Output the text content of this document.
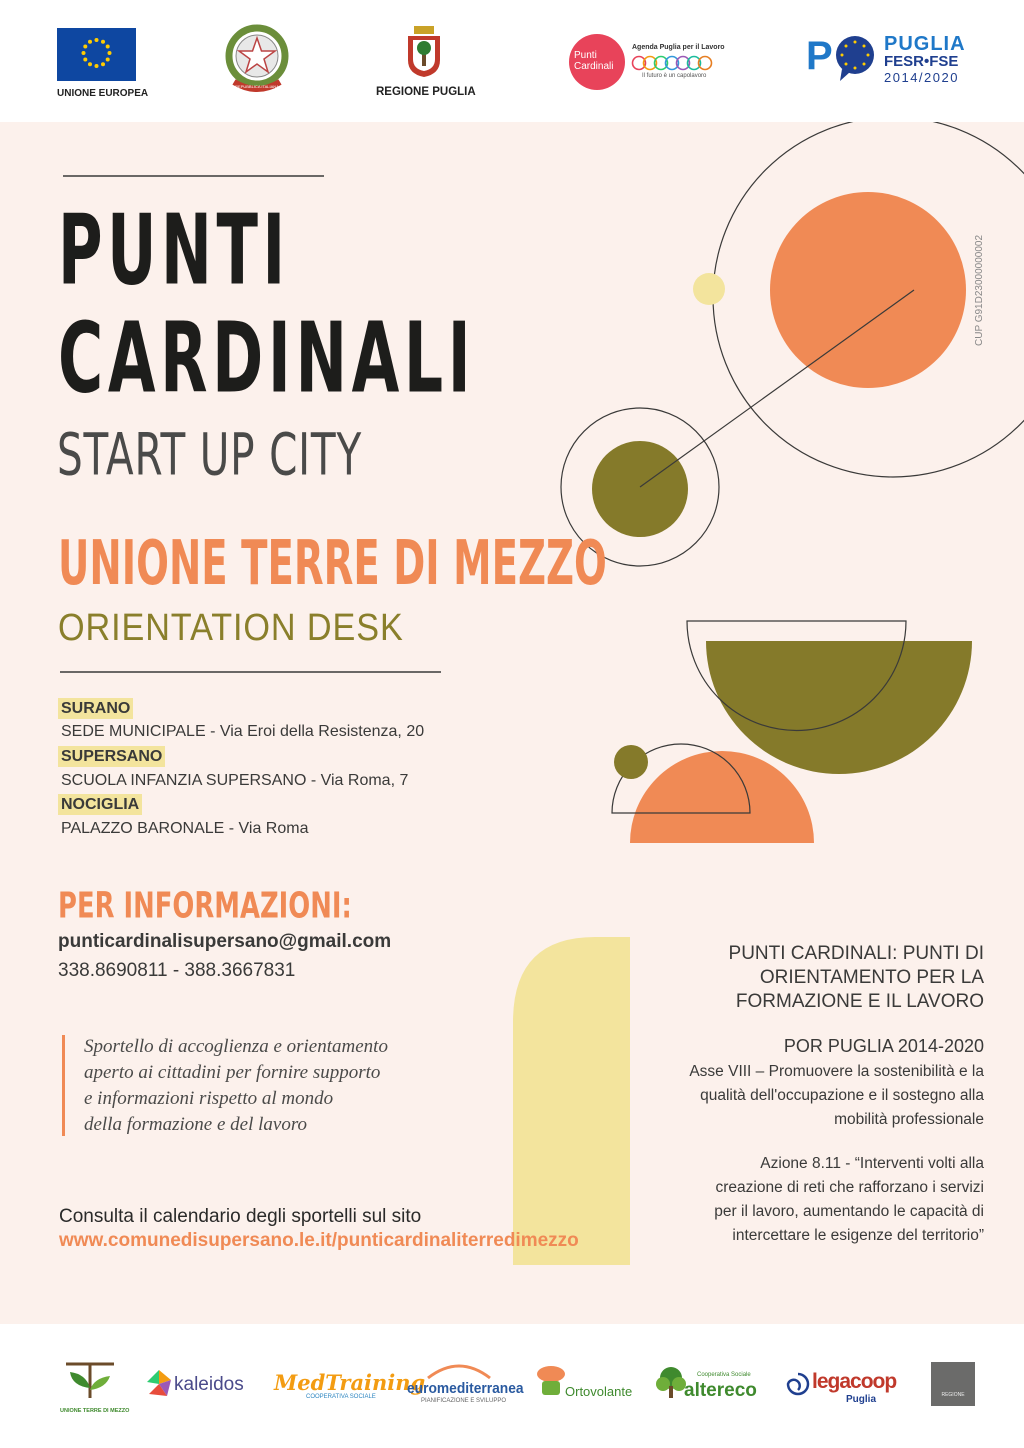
UNIONE EUROPEA
REPUBBLICA ITALIANA	REGIONE PUGLIA
Punti Cardinali
Agenda Puglia per il Lavoro
Il futuro è un capolavoro P	PUGLIA
FESR•FSE
2014/2020
CUP G91D23000000002
PUNTI
CARDINALI
START UP CITY
UNIONE TERRE DI MEZZO
ORIENTATION DESK
SURANO
SEDE MUNICIPALE - Via Eroi della Resistenza, 20
SUPERSANO
SCUOLA INFANZIA SUPERSANO - Via Roma, 7
NOCIGLIA
PALAZZO BARONALE - Via Roma
PER INFORMAZIONI:
punticardinalisupersano@gmail.com
338.8690811 - 388.3667831
Sportello di accoglienza e orientamento
aperto ai cittadini per fornire supporto
e informazioni rispetto al mondo
della formazione e del lavoro
Consulta il calendario degli sportelli sul sito
www.comunedisupersano.le.it/punticardinaliterredimezzo
PUNTI CARDINALI: PUNTI DI
ORIENTAMENTO PER LA
FORMAZIONE E IL LAVORO
POR PUGLIA 2014-2020
Asse VIII – Promuovere la sostenibilità e la
qualità dell'occupazione e il sostegno alla
mobilità professionale
Azione 8.11 - “Interventi volti alla
creazione di reti che rafforzano i servizi
per il lavoro, aumentando le capacità di
intercettare le esigenze del territorio”
UNIONE TERRE DI MEZZO
kaleidos MedTraining
COOPERATIVA SOCIALE euromediterranea
PIANIFICAZIONE E SVILUPPO
Ortovolante
Cooperativa Sociale
altereco	legacoop
Puglia	REGIONE
